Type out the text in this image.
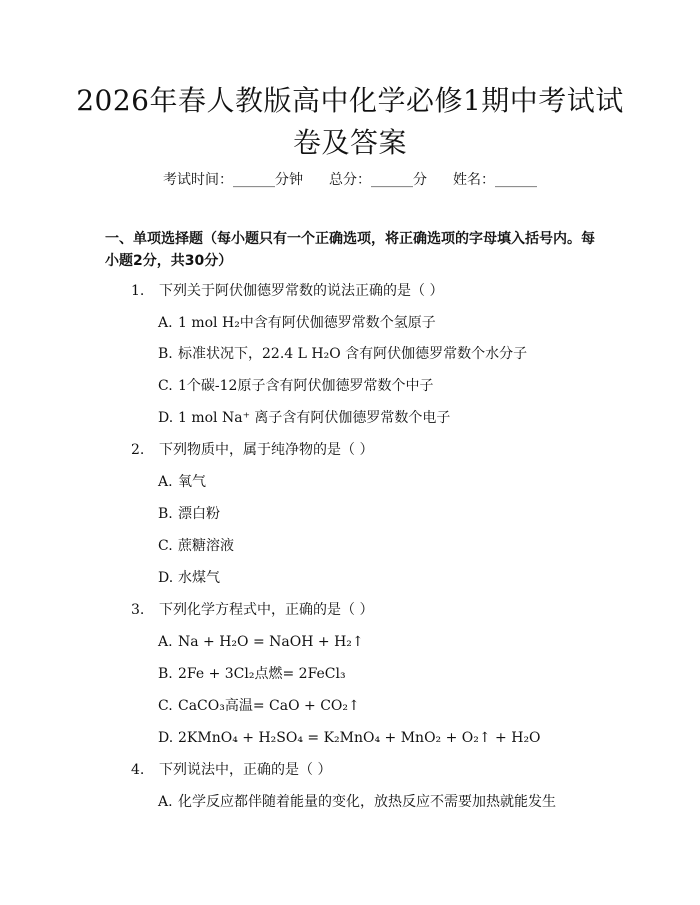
2026年春人教版高中化学必修1期中考试试
卷及答案
考试时间：______分钟 总分：______分 姓名：______
一、单项选择题（每小题只有一个正确选项，将正确选项的字母填入括号内。每小题2分，共30分）
1. 下列关于阿伏伽德罗常数的说法正确的是（ ）
A. 1 mol H₂中含有阿伏伽德罗常数个氢原子
B. 标准状况下，22.4 L H₂O 含有阿伏伽德罗常数个水分子
C. 1个碳-12原子含有阿伏伽德罗常数个中子
D. 1 mol Na⁺ 离子含有阿伏伽德罗常数个电子
2. 下列物质中，属于纯净物的是（ ）
A. 氧气
B. 漂白粉
C. 蔗糖溶液
D. 水煤气
3. 下列化学方程式中，正确的是（ ）
A. Na + H₂O = NaOH + H₂↑
B. 2Fe + 3Cl₂点燃= 2FeCl₃
C. CaCO₃高温= CaO + CO₂↑
D. 2KMnO₄ + H₂SO₄ = K₂MnO₄ + MnO₂ + O₂↑ + H₂O
4. 下列说法中，正确的是（ ）
A. 化学反应都伴随着能量的变化，放热反应不需要加热就能发生
